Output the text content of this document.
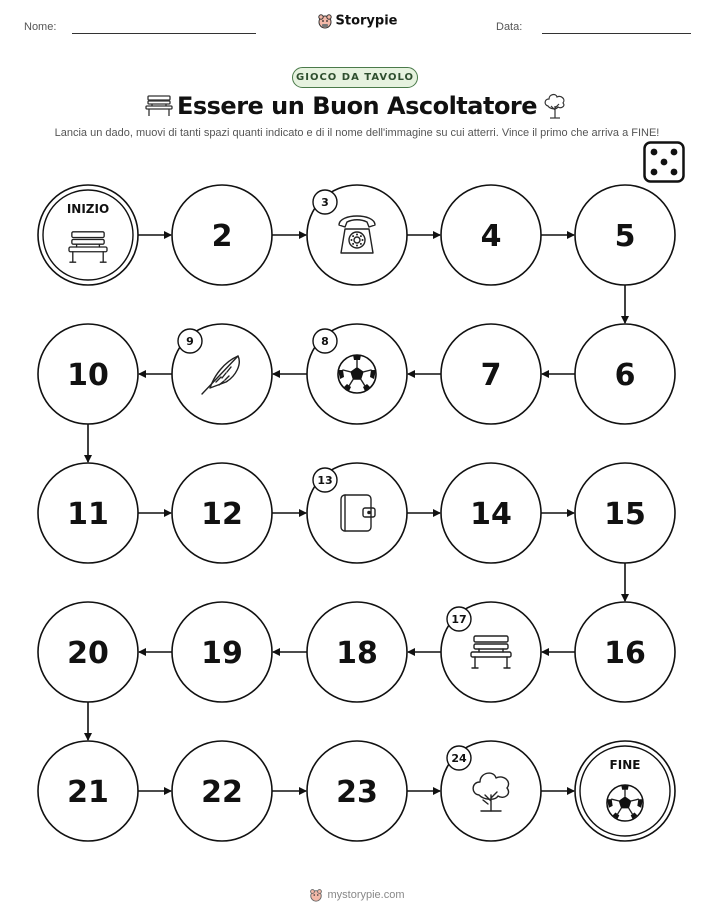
Nome:	Storypie	Data:
GIOCO DA TAVOLO
Essere un Buon Ascoltatore
Lancia un dado, muovi di tanti spazi quanti indicato e di il nome dell'immagine su cui atterri. Vince il primo che arriva a FINE!
INIZIO
2
3
4	5
6
7
8
9
10
11	12
13
14	15
16
17
18
19
20
21	22	23
24	FINE
mystorypie.com
